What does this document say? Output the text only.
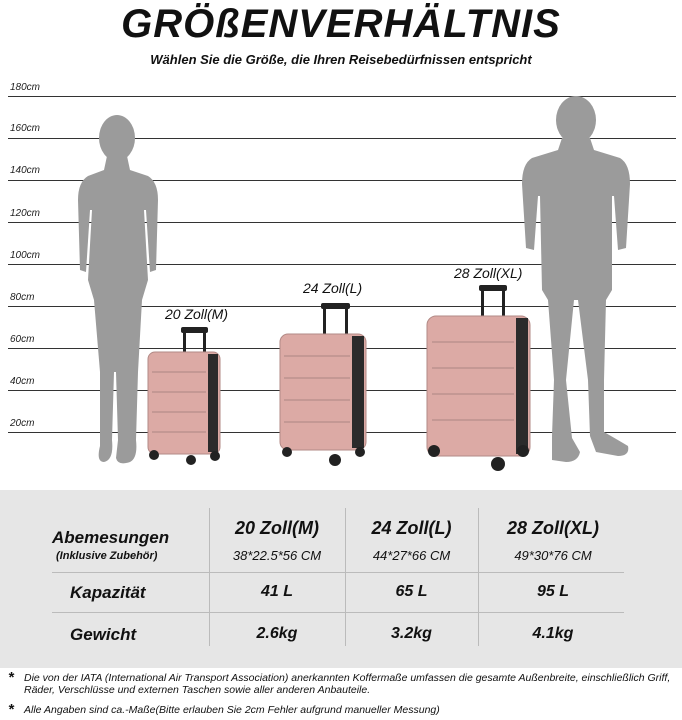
GRÖßENVERHÄLTNIS
Wählen Sie die Größe, die Ihren Reisebedürfnissen entspricht
180cm
160cm
140cm
120cm
100cm
80cm
60cm
40cm
20cm
20 Zoll(M)
24 Zoll(L)
28 Zoll(XL)
Abemesungen
(Inklusive Zubehör)
Kapazität
Gewicht
20 Zoll(M)
38*22.5*56 CM
41 L
2.6kg
24 Zoll(L)
44*27*66 CM
65 L
3.2kg
28 Zoll(XL)
49*30*76 CM
95 L
4.1kg
* Die von der IATA (International Air Transport Association) anerkannten Koffermaße umfassen die gesamte Außenbreite, einschließlich Griff, Räder, Verschlüsse und externen Taschen sowie aller anderen Anbauteile.
* Alle Angaben sind ca.-Maße(Bitte erlauben Sie 2cm Fehler aufgrund manueller Messung)
